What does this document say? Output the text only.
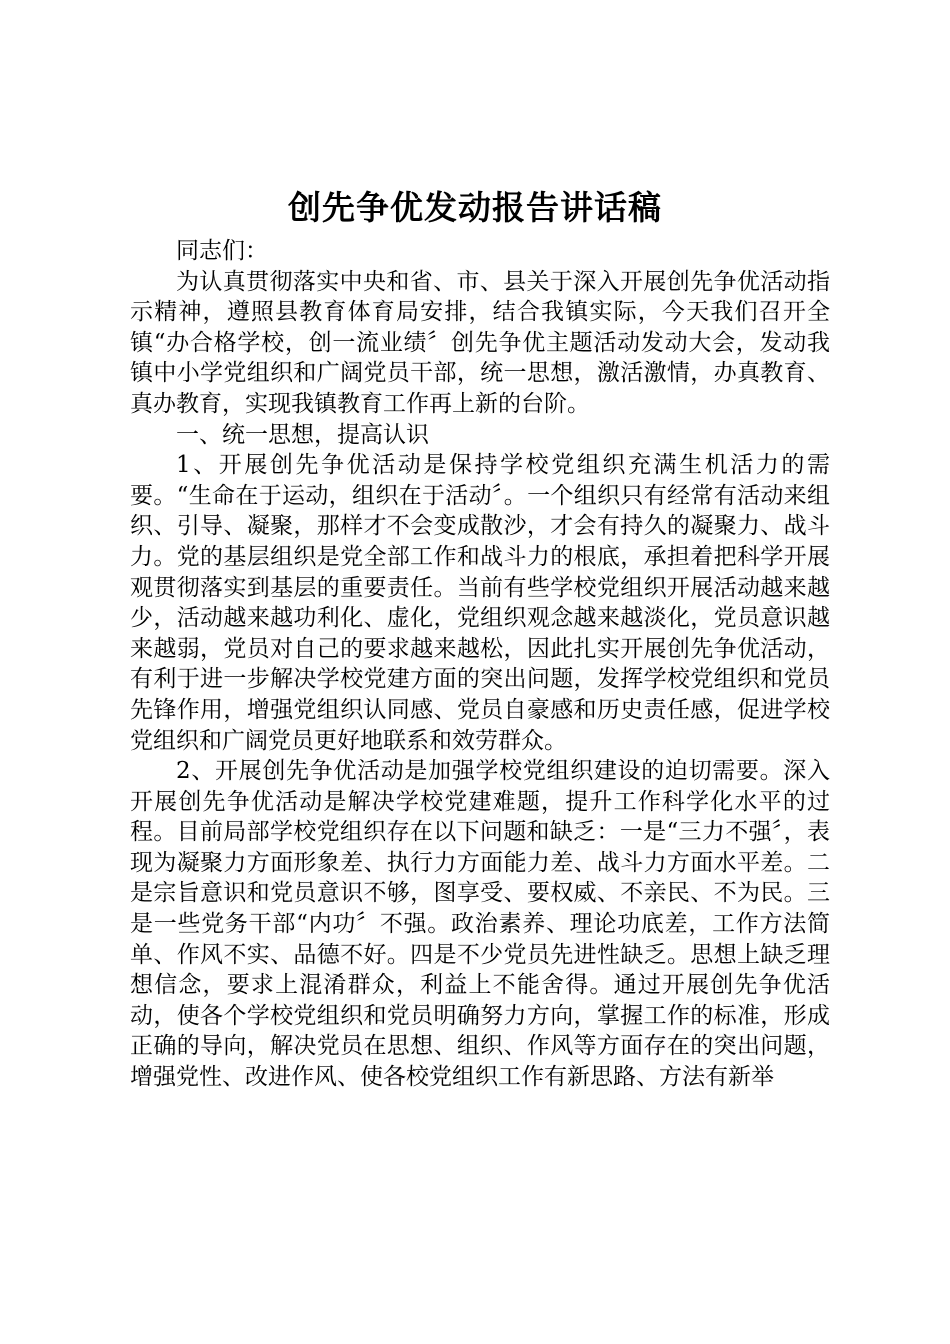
创先争优发动报告讲话稿

同志们：

为认真贯彻落实中央和省、市、县关于深入开展创先争优活动指示精神，遵照县教育体育局安排，结合我镇实际，今天我们召开全镇“办合格学校，创一流业绩〞创先争优主题活动发动大会，发动我镇中小学党组织和广阔党员干部，统一思想，激活激情，办真教育、真办教育，实现我镇教育工作再上新的台阶。

一、统一思想，提高认识

1、开展创先争优活动是保持学校党组织充满生机活力的需要。“生命在于运动，组织在于活动〞。一个组织只有经常有活动来组织、引导、凝聚，那样才不会变成散沙，才会有持久的凝聚力、战斗力。党的基层组织是党全部工作和战斗力的根底，承担着把科学开展观贯彻落实到基层的重要责任。当前有些学校党组织开展活动越来越少，活动越来越功利化、虚化，党组织观念越来越淡化，党员意识越来越弱，党员对自己的要求越来越松，因此扎实开展创先争优活动，有利于进一步解决学校党建方面的突出问题，发挥学校党组织和党员先锋作用，增强党组织认同感、党员自豪感和历史责任感，促进学校党组织和广阔党员更好地联系和效劳群众。

2、开展创先争优活动是加强学校党组织建设的迫切需要。深入开展创先争优活动是解决学校党建难题，提升工作科学化水平的过程。目前局部学校党组织存在以下问题和缺乏：一是“三力不强〞，表现为凝聚力方面形象差、执行力方面能力差、战斗力方面水平差。二是宗旨意识和党员意识不够，图享受、要权威、不亲民、不为民。三是一些党务干部“内功〞不强。政治素养、理论功底差，工作方法简单、作风不实、品德不好。四是不少党员先进性缺乏。思想上缺乏理想信念，要求上混淆群众，利益上不能舍得。通过开展创先争优活动，使各个学校党组织和党员明确努力方向，掌握工作的标准，形成正确的导向，解决党员在思想、组织、作风等方面存在的突出问题，增强党性、改进作风、使各校党组织工作有新思路、方法有新举
